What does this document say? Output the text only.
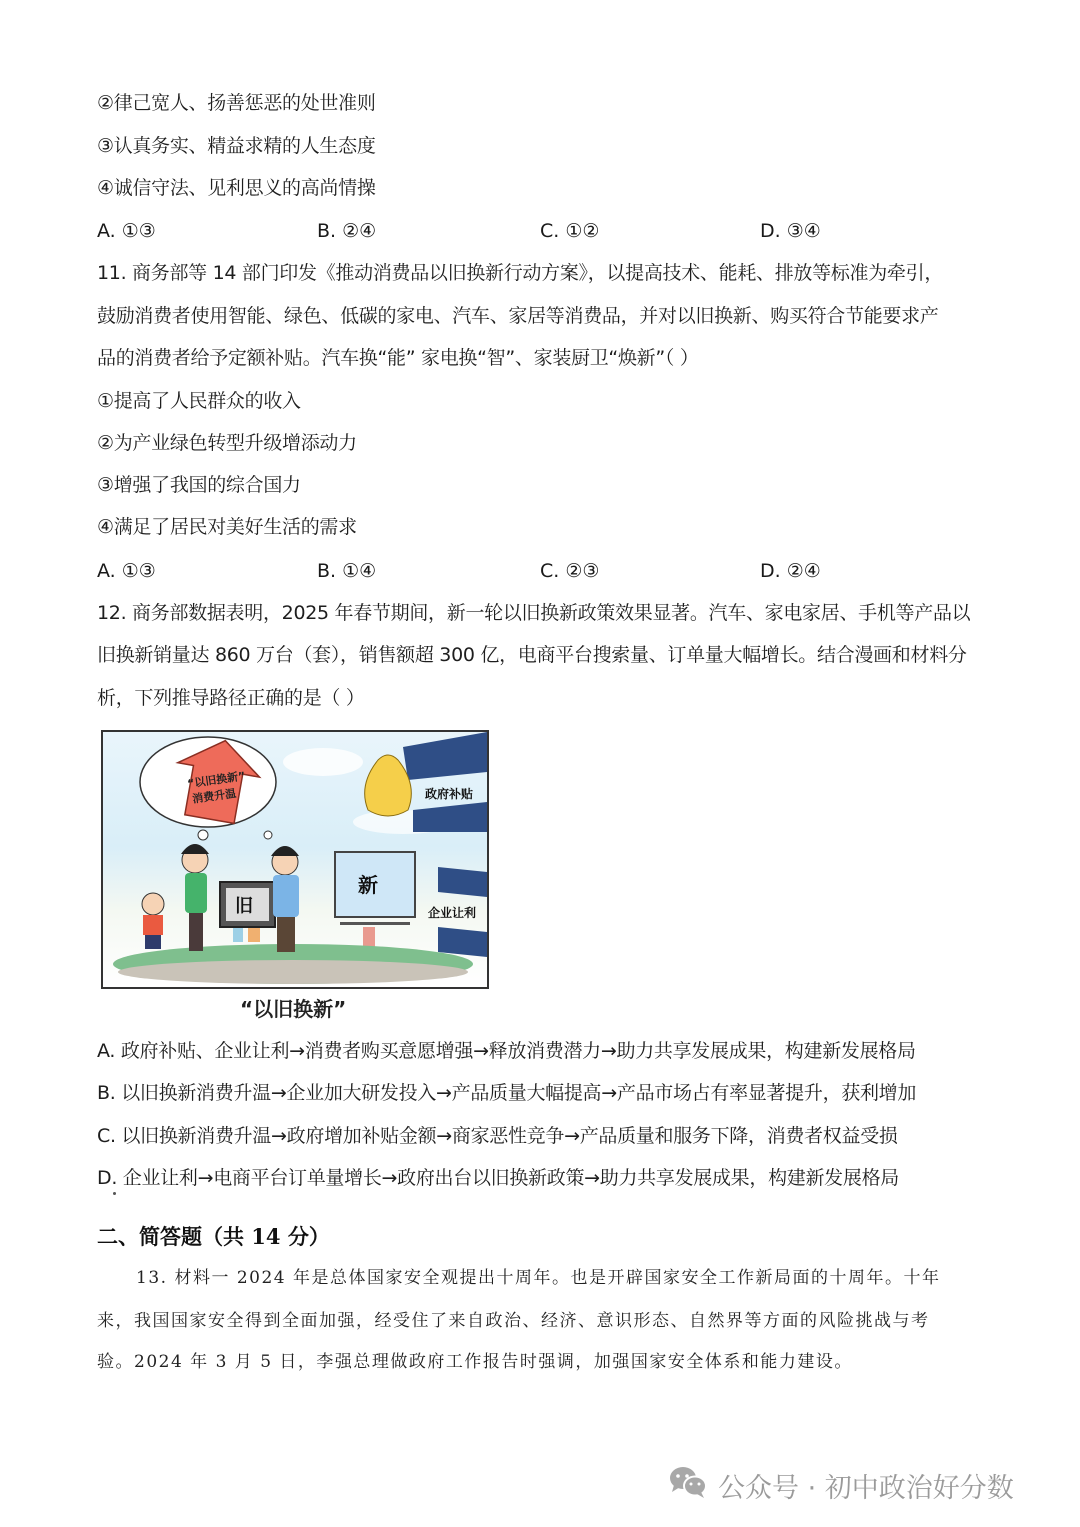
②律己宽人、扬善惩恶的处世准则
③认真务实、精益求精的人生态度
④诚信守法、见利思义的高尚情操
A. ①③	B. ②④	C. ①②	D. ③④
11. 商务部等 14 部门印发《推动消费品以旧换新行动方案》，以提高技术、能耗、排放等标准为牵引，
鼓励消费者使用智能、绿色、低碳的家电、汽车、家居等消费品，并对以旧换新、购买符合节能要求产
品的消费者给予定额补贴。汽车换“能” 家电换“智”、家装厨卫“焕新”（ ）
①提高了人民群众的收入
②为产业绿色转型升级增添动力
③增强了我国的综合国力
④满足了居民对美好生活的需求
A. ①③	B. ①④	C. ②③	D. ②④
12. 商务部数据表明，2025 年春节期间，新一轮以旧换新政策效果显著。汽车、家电家居、手机等产品以
旧换新销量达 860 万台（套），销售额超 300 亿，电商平台搜索量、订单量大幅增长。结合漫画和材料分
析，下列推导路径正确的是（ ）
“以旧换新”
消费升温	政府补贴
新
企业让利
旧
“以旧换新”
A. 政府补贴、企业让利→消费者购买意愿增强→释放消费潜力→助力共享发展成果，构建新发展格局
B. 以旧换新消费升温→企业加大研发投入→产品质量大幅提高→产品市场占有率显著提升，获利增加
C. 以旧换新消费升温→政府增加补贴金额→商家恶性竞争→产品质量和服务下降，消费者权益受损
D. 企业让利→电商平台订单量增长→政府出台以旧换新政策→助力共享发展成果，构建新发展格局
二、简答题（共 14 分）
13. 材料一 2024 年是总体国家安全观提出十周年。也是开辟国家安全工作新局面的十周年。十年
来，我国国家安全得到全面加强，经受住了来自政治、经济、意识形态、自然界等方面的风险挑战与考
验。2024 年 3 月 5 日，李强总理做政府工作报告时强调，加强国家安全体系和能力建设。
公众号 · 初中政治好分数
